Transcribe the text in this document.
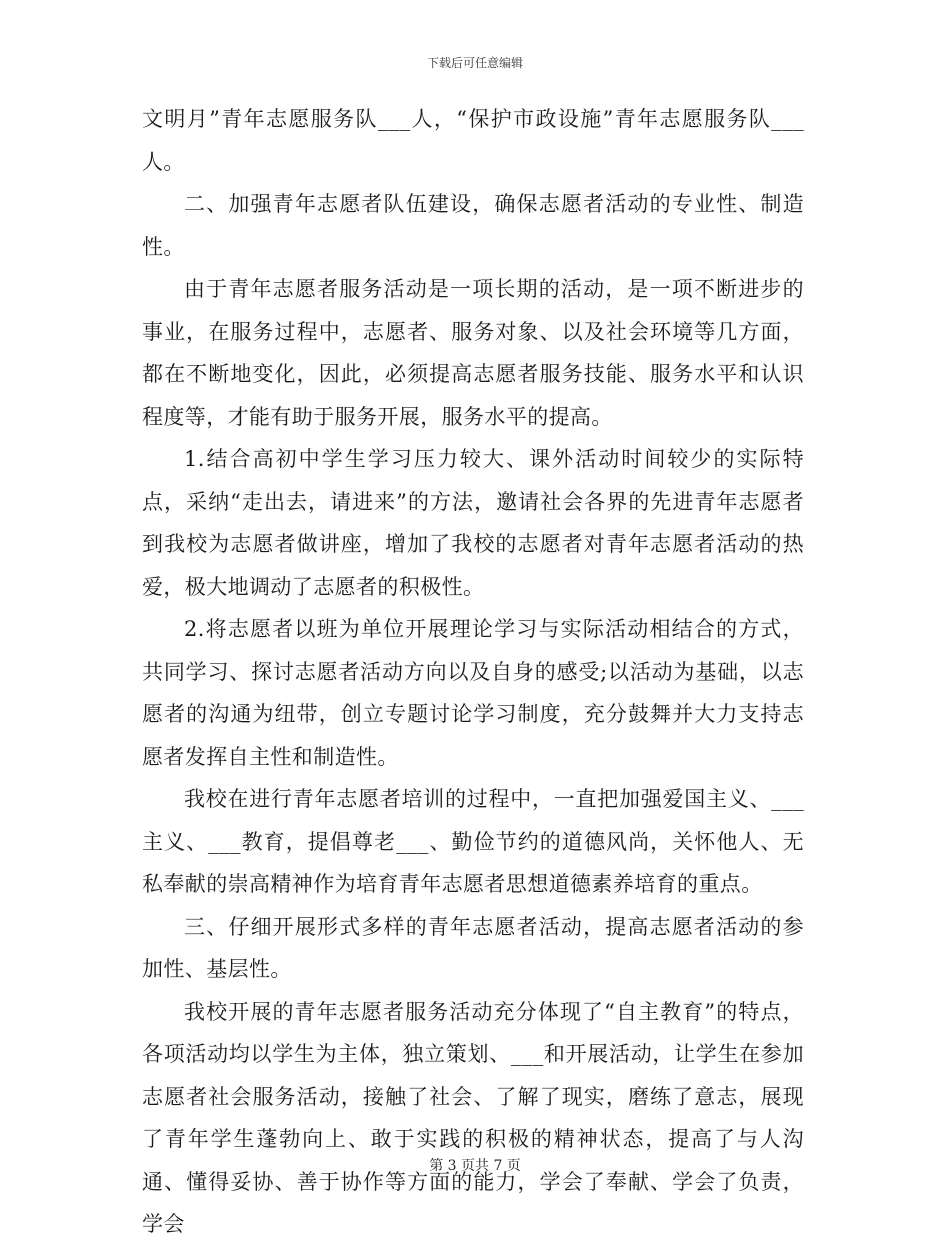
下载后可任意编辑

文明月”青年志愿服务队___人，“保护市政设施”青年志愿服务队___人。

二、加强青年志愿者队伍建设，确保志愿者活动的专业性、制造性。

由于青年志愿者服务活动是一项长期的活动，是一项不断进步的事业，在服务过程中，志愿者、服务对象、以及社会环境等几方面，都在不断地变化，因此，必须提高志愿者服务技能、服务水平和认识程度等，才能有助于服务开展，服务水平的提高。

1.结合高初中学生学习压力较大、课外活动时间较少的实际特点，采纳“走出去，请进来”的方法，邀请社会各界的先进青年志愿者到我校为志愿者做讲座，增加了我校的志愿者对青年志愿者活动的热爱，极大地调动了志愿者的积极性。

2.将志愿者以班为单位开展理论学习与实际活动相结合的方式，共同学习、探讨志愿者活动方向以及自身的感受;以活动为基础，以志愿者的沟通为纽带，创立专题讨论学习制度，充分鼓舞并大力支持志愿者发挥自主性和制造性。

我校在进行青年志愿者培训的过程中，一直把加强爱国主义、___主义、___教育，提倡尊老___、勤俭节约的道德风尚，关怀他人、无私奉献的崇高精神作为培育青年志愿者思想道德素养培育的重点。

三、仔细开展形式多样的青年志愿者活动，提高志愿者活动的参加性、基层性。

我校开展的青年志愿者服务活动充分体现了“自主教育”的特点，各项活动均以学生为主体，独立策划、___和开展活动，让学生在参加志愿者社会服务活动，接触了社会、了解了现实，磨练了意志，展现了青年学生蓬勃向上、敢于实践的积极的精神状态，提高了与人沟通、懂得妥协、善于协作等方面的能力，学会了奉献、学会了负责，学会

第 3 页共 7 页
